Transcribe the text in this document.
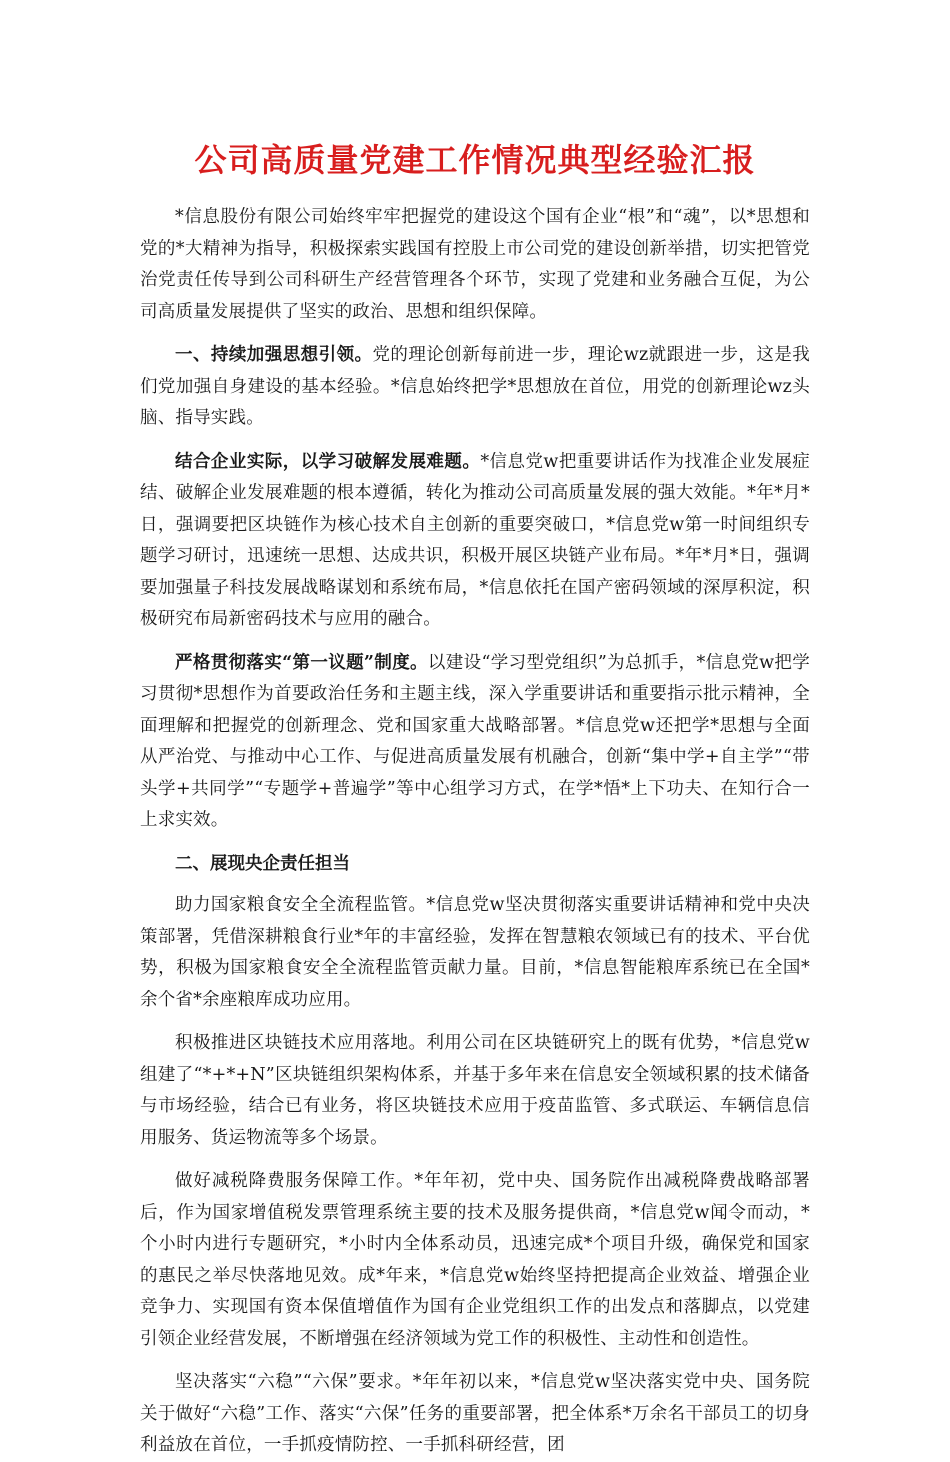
公司高质量党建工作情况典型经验汇报

*信息股份有限公司始终牢牢把握党的建设这个国有企业“根”和“魂”，以*思想和党的*大精神为指导，积极探索实践国有控股上市公司党的建设创新举措，切实把管党治党责任传导到公司科研生产经营管理各个环节，实现了党建和业务融合互促，为公司高质量发展提供了坚实的政治、思想和组织保障。

一、持续加强思想引领。党的理论创新每前进一步，理论wz就跟进一步，这是我们党加强自身建设的基本经验。*信息始终把学*思想放在首位，用党的创新理论wz头脑、指导实践。

结合企业实际，以学习破解发展难题。*信息党w把重要讲话作为找准企业发展症结、破解企业发展难题的根本遵循，转化为推动公司高质量发展的强大效能。*年*月*日，强调要把区块链作为核心技术自主创新的重要突破口，*信息党w第一时间组织专题学习研讨，迅速统一思想、达成共识，积极开展区块链产业布局。*年*月*日，强调要加强量子科技发展战略谋划和系统布局，*信息依托在国产密码领域的深厚积淀，积极研究布局新密码技术与应用的融合。

严格贯彻落实“第一议题”制度。以建设“学习型党组织”为总抓手，*信息党w把学习贯彻*思想作为首要政治任务和主题主线，深入学重要讲话和重要指示批示精神，全面理解和把握党的创新理念、党和国家重大战略部署。*信息党w还把学*思想与全面从严治党、与推动中心工作、与促进高质量发展有机融合，创新“集中学+自主学”“带头学+共同学”“专题学+普遍学”等中心组学习方式，在学*悟*上下功夫、在知行合一上求实效。

二、展现央企责任担当

助力国家粮食安全全流程监管。*信息党w坚决贯彻落实重要讲话精神和党中央决策部署，凭借深耕粮食行业*年的丰富经验，发挥在智慧粮农领域已有的技术、平台优势，积极为国家粮食安全全流程监管贡献力量。目前，*信息智能粮库系统已在全国*余个省*余座粮库成功应用。

积极推进区块链技术应用落地。利用公司在区块链研究上的既有优势，*信息党w组建了“*+*+N”区块链组织架构体系，并基于多年来在信息安全领域积累的技术储备与市场经验，结合已有业务，将区块链技术应用于疫苗监管、多式联运、车辆信息信用服务、货运物流等多个场景。

做好减税降费服务保障工作。*年年初，党中央、国务院作出减税降费战略部署后，作为国家增值税发票管理系统主要的技术及服务提供商，*信息党w闻令而动，*个小时内进行专题研究，*小时内全体系动员，迅速完成*个项目升级，确保党和国家的惠民之举尽快落地见效。成*年来，*信息党w始终坚持把提高企业效益、增强企业竞争力、实现国有资本保值增值作为国有企业党组织工作的出发点和落脚点，以党建引领企业经营发展，不断增强在经济领域为党工作的积极性、主动性和创造性。

坚决落实“六稳”“六保”要求。*年年初以来，*信息党w坚决落实党中央、国务院关于做好“六稳”工作、落实“六保”任务的重要部署，把全体系*万余名干部员工的切身利益放在首位，一手抓疫情防控、一手抓科研经营，团
